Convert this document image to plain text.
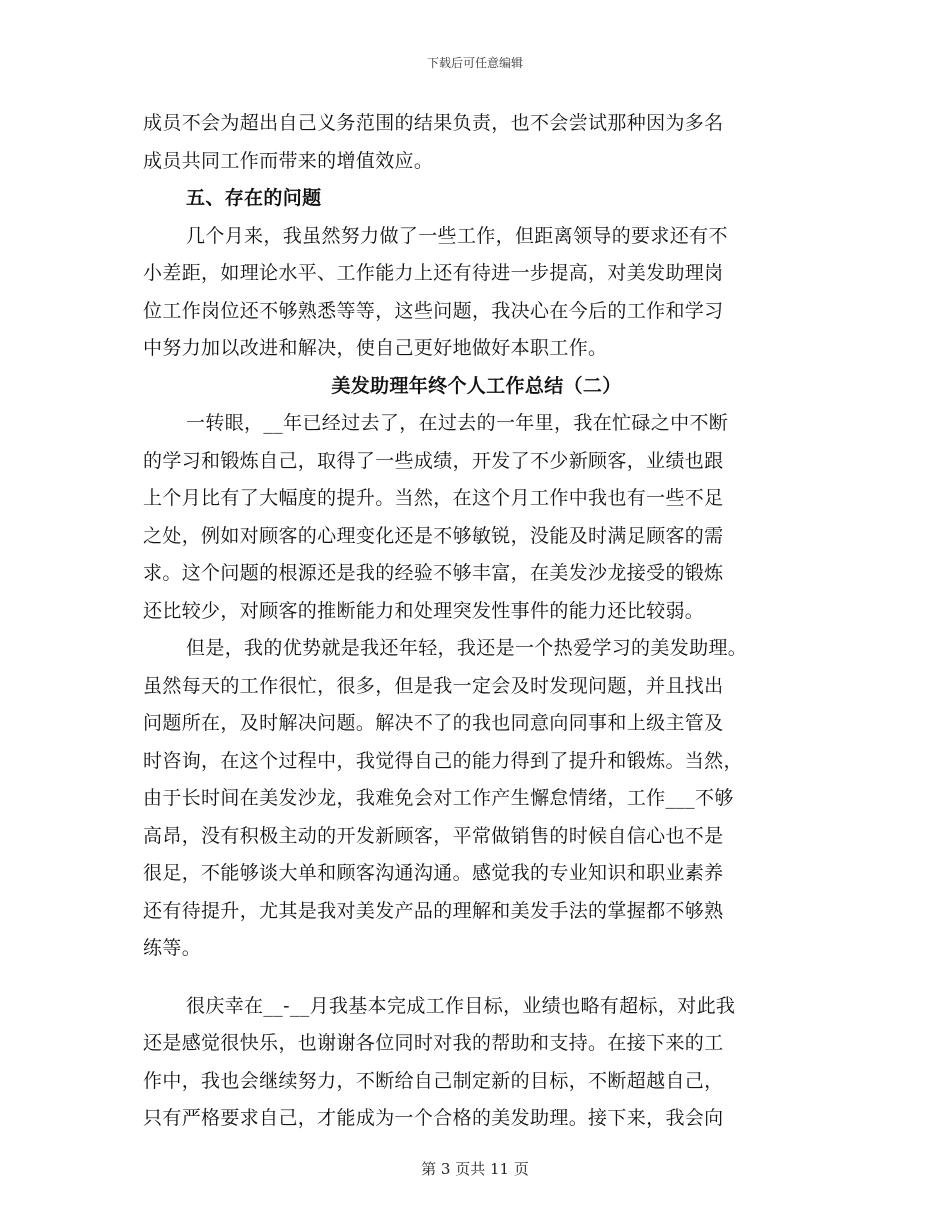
下载后可任意编辑
成员不会为超出自己义务范围的结果负责，也不会尝试那种因为多名
成员共同工作而带来的增值效应。
五、存在的问题
几个月来，我虽然努力做了一些工作，但距离领导的要求还有不
小差距，如理论水平、工作能力上还有待进一步提高，对美发助理岗
位工作岗位还不够熟悉等等，这些问题，我决心在今后的工作和学习
中努力加以改进和解决，使自己更好地做好本职工作。
美发助理年终个人工作总结（二）
一转眼，__年已经过去了，在过去的一年里，我在忙碌之中不断
的学习和锻炼自己，取得了一些成绩，开发了不少新顾客，业绩也跟
上个月比有了大幅度的提升。当然，在这个月工作中我也有一些不足
之处，例如对顾客的心理变化还是不够敏锐，没能及时满足顾客的需
求。这个问题的根源还是我的经验不够丰富，在美发沙龙接受的锻炼
还比较少，对顾客的推断能力和处理突发性事件的能力还比较弱。
但是，我的优势就是我还年轻，我还是一个热爱学习的美发助理。
虽然每天的工作很忙，很多，但是我一定会及时发现问题，并且找出
问题所在，及时解决问题。解决不了的我也同意向同事和上级主管及
时咨询，在这个过程中，我觉得自己的能力得到了提升和锻炼。当然，
由于长时间在美发沙龙，我难免会对工作产生懈怠情绪，工作___不够
高昂，没有积极主动的开发新顾客，平常做销售的时候自信心也不是
很足，不能够谈大单和顾客沟通沟通。感觉我的专业知识和职业素养
还有待提升，尤其是我对美发产品的理解和美发手法的掌握都不够熟
练等。
很庆幸在__-__月我基本完成工作目标，业绩也略有超标，对此我
还是感觉很快乐，也谢谢各位同时对我的帮助和支持。在接下来的工
作中，我也会继续努力，不断给自己制定新的目标，不断超越自己，
只有严格要求自己，才能成为一个合格的美发助理。接下来，我会向
第 3 页共 11 页
